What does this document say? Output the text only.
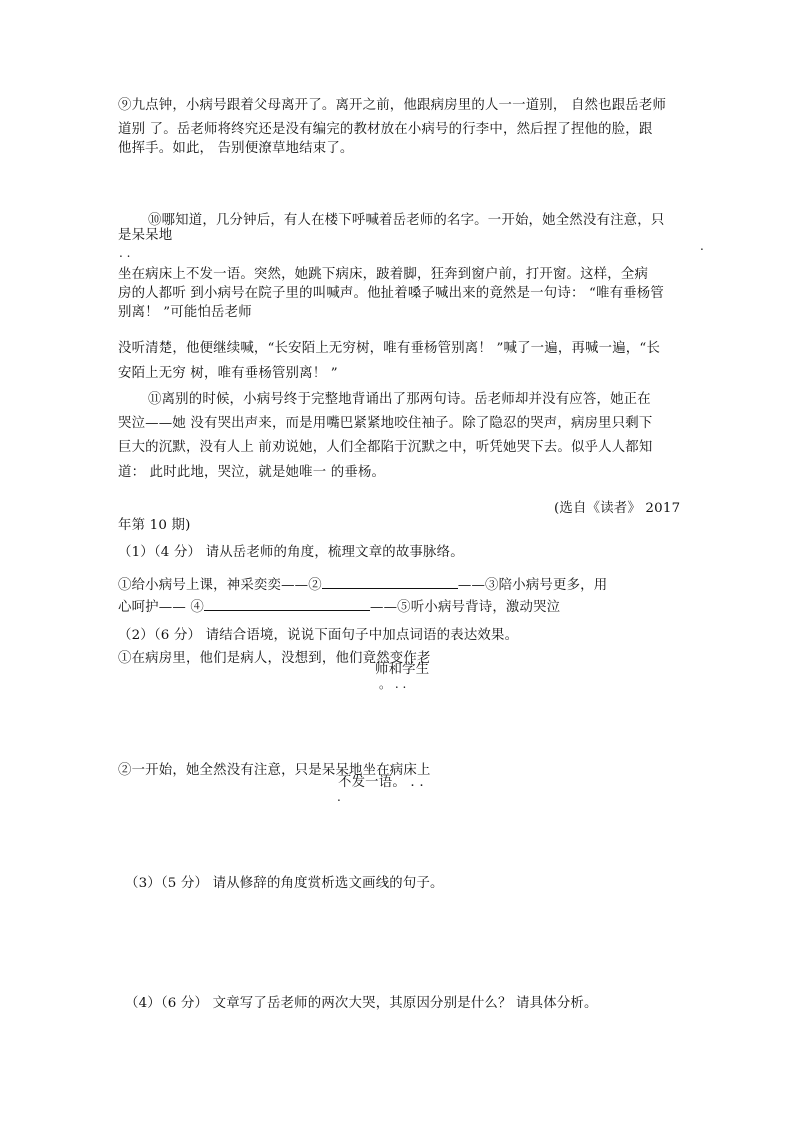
⑨九点钟，小病号跟着父母离开了。离开之前，他跟病房里的人一一道别， 自然也跟岳老师
道别 了。岳老师将终究还是没有编完的教材放在小病号的行李中，然后捏了捏他的脸，跟
他挥手。如此， 告别便潦草地结束了。
⑩哪知道，几分钟后，有人在楼下呼喊着岳老师的名字。一开始，她全然没有注意，只
是呆呆地
. .	.
坐在病床上不发一语。突然，她跳下病床，跛着脚，狂奔到窗户前，打开窗。这样，全病
房的人都听 到小病号在院子里的叫喊声。他扯着嗓子喊出来的竟然是一句诗： “唯有垂杨管
别离！ ”可能怕岳老师
没听清楚，他便继续喊，“长安陌上无穷树，唯有垂杨管别离！ ”喊了一遍，再喊一遍，“长
安陌上无穷 树，唯有垂杨管别离！ ”
⑪离别的时候，小病号终于完整地背诵出了那两句诗。岳老师却并没有应答，她正在
哭泣——她 没有哭出声来，而是用嘴巴紧紧地咬住袖子。除了隐忍的哭声，病房里只剩下
巨大的沉默，没有人上 前劝说她，人们全都陷于沉默之中，听凭她哭下去。似乎人人都知
道： 此时此地，哭泣，就是她唯一 的垂杨。
(选自《读者》 2017
年第 10 期)
（1）（4 分） 请从岳老师的角度，梳理文章的故事脉络。
①给小病号上课，神采奕奕——②	——③陪小病号更多，用
心呵护—— ④	——⑤听小病号背诗，激动哭泣
（2）（6 分） 请结合语境，说说下面句子中加点词语的表达效果。
①在病房里，他们是病人，没想到，他们竟然变作老
师和学生
。 . .
②一开始，她全然没有注意，只是呆呆地坐在病床上
不发一语。 . .
.
（3）（5 分） 请从修辞的角度赏析选文画线的句子。
（4）（6 分） 文章写了岳老师的两次大哭，其原因分别是什么？ 请具体分析。
